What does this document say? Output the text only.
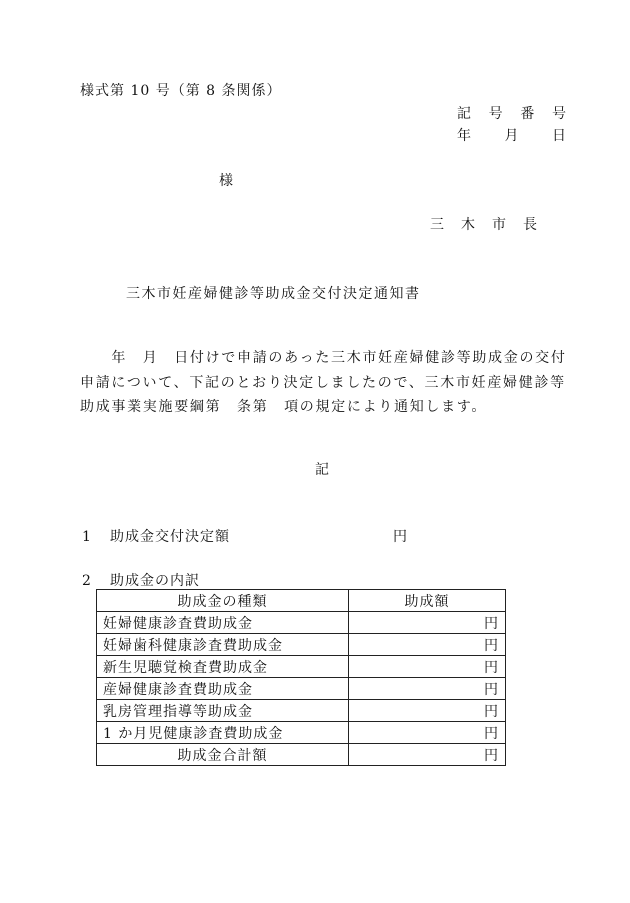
様式第 10 号（第 8 条関係）
記 号 番 号
年 月 日
様
三 木 市 長
三木市妊産婦健診等助成金交付決定通知書

　　年　月　日付けで申請のあった三木市妊産婦健診等助成金の交付

申請について、下記のとおり決定しましたので、三木市妊産婦健診等

助成事業実施要綱第　条第　項の規定により通知します。

記
1 助成金交付決定額	円
2 助成金の内訳
助成金の種類	助成額
妊婦健康診査費助成金	円
妊婦歯科健康診査費助成金	円
新生児聴覚検査費助成金	円
産婦健康診査費助成金	円
乳房管理指導等助成金	円
1 か月児健康診査費助成金	円
助成金合計額	円
